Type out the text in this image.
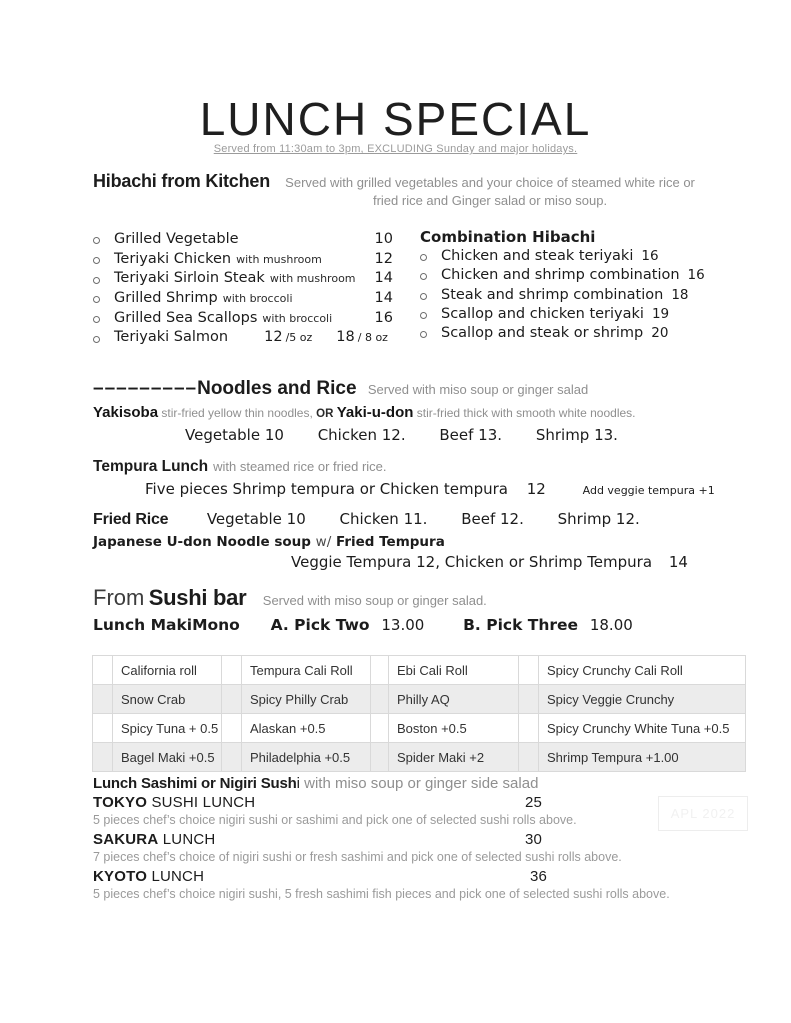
LUNCH SPECIAL
Served from 11:30am to 3pm, EXCLUDING Sunday and major holidays.
Hibachi from Kitchen	Served with grilled vegetables and your choice of steamed white rice or fried rice and Ginger salad or miso soup.
Grilled Vegetable	10
Teriyaki Chicken with mushroom	12
Teriyaki Sirloin Steak with mushroom 14
Grilled Shrimp with broccoli	14
Grilled Sea Scallops with broccoli	16
Teriyaki Salmon 12 /5 oz 18 / 8 oz
Combination Hibachi
Chicken and steak teriyaki 16
Chicken and shrimp combination 16
Steak and shrimp combination 18
Scallop and chicken teriyaki 19
Scallop and steak or shrimp 20
–––––––––Noodles and Rice Served with miso soup or ginger salad
Yakisoba stir-fried yellow thin noodles, OR Yaki-u-don stir-fried thick with smooth white noodles.
Vegetable 10 Chicken 12. Beef 13. Shrimp 13.
Tempura Lunch with steamed rice or fried rice.
Five pieces Shrimp tempura or Chicken tempura 12	Add veggie tempura +1
Fried Rice	Vegetable 10 Chicken 11. Beef 12. Shrimp 12.
Japanese U-don Noodle soup w/ Fried Tempura
Veggie Tempura 12, Chicken or Shrimp Tempura 14
From Sushi bar Served with miso soup or ginger salad.
Lunch MakiMono A. Pick Two 13.00	B. Pick Three 18.00
	California roll		Tempura Cali Roll		Ebi Cali Roll		Spicy Crunchy Cali Roll
	Snow Crab		Spicy Philly Crab		Philly AQ		Spicy Veggie Crunchy
	Spicy Tuna + 0.5		Alaskan +0.5		Boston +0.5		Spicy Crunchy White Tuna +0.5
	Bagel Maki +0.5		Philadelphia +0.5		Spider Maki +2		Shrimp Tempura +1.00
Lunch Sashimi or Nigiri Sushi with miso soup or ginger side salad
TOKYO SUSHI LUNCH	25
5 pieces chef’s choice nigiri sushi or sashimi and pick one of selected sushi rolls above.
SAKURA LUNCH	30
7 pieces chef’s choice of nigiri sushi or fresh sashimi and pick one of selected sushi rolls above.
KYOTO LUNCH	36
5 pieces chef’s choice nigiri sushi, 5 fresh sashimi fish pieces and pick one of selected sushi rolls above.
APL 2022
